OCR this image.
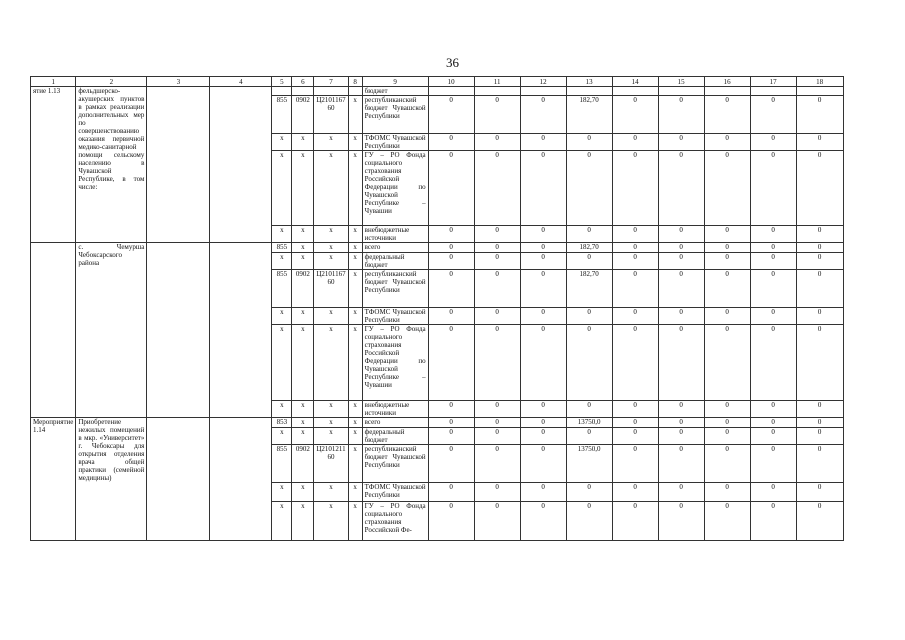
36
1	2	3	4	5	6	7	8	9	10	11	12	13	14	15	16	17	18
ятие 1.13	фельдшерско-акушерских пунктов в рамках реализации дополнительных мер по совершенствованию оказания первичной медико-санитарной помощи сельскому населению в Чувашской Республике, в том числе:							бюджет									
				855	0902	Ц2101167 60	х	республиканский бюджет Чувашской Республики	0	0	0	182,70	0	0	0	0	0
				х	х	х	х	ТФОМС Чувашской Республики	0	0	0	0	0	0	0	0	0
				х	х	х	х	ГУ – РО Фонда социального страхования Российской Федерации по Чувашской Республике – Чувашии	0	0	0	0	0	0	0	0	0
				х	х	х	х	внебюджетные источники	0	0	0	0	0	0	0	0	0
	с. Чемурша Чебоксарского района			855	х	х	х	всего	0	0	0	182,70	0	0	0	0	0
				х	х	х	х	федеральный бюджет	0	0	0	0	0	0	0	0	0
				855	0902	Ц2101167 60	х	республиканский бюджет Чувашской Республики	0	0	0	182,70	0	0	0	0	0
				х	х	х	х	ТФОМС Чувашской Республики	0	0	0	0	0	0	0	0	0
				х	х	х	х	ГУ – РО Фонда социального страхования Российской Федерации по Чувашской Республике – Чувашии	0	0	0	0	0	0	0	0	0
				х	х	х	х	внебюджетные источники	0	0	0	0	0	0	0	0	0
Мероприятие 1.14	Приобретение нежилых помещений в мкр. «Университет» г. Чебоксары для открытия отделения врача общей практики (семейной медицины)			853	х	х	х	всего	0	0	0	13750,0	0	0	0	0	0
				х	х	х	х	федеральный бюджет	0	0	0	0	0	0	0	0	0
				855	0902	Ц2101211 60	х	республиканский бюджет Чувашской Республики	0	0	0	13750,0	0	0	0	0	0
				х	х	х	х	ТФОМС Чувашской Республики	0	0	0	0	0	0	0	0	0
				х	х	х	х	ГУ – РО Фонда социального страхования Российской Фе-	0	0	0	0	0	0	0	0	0
